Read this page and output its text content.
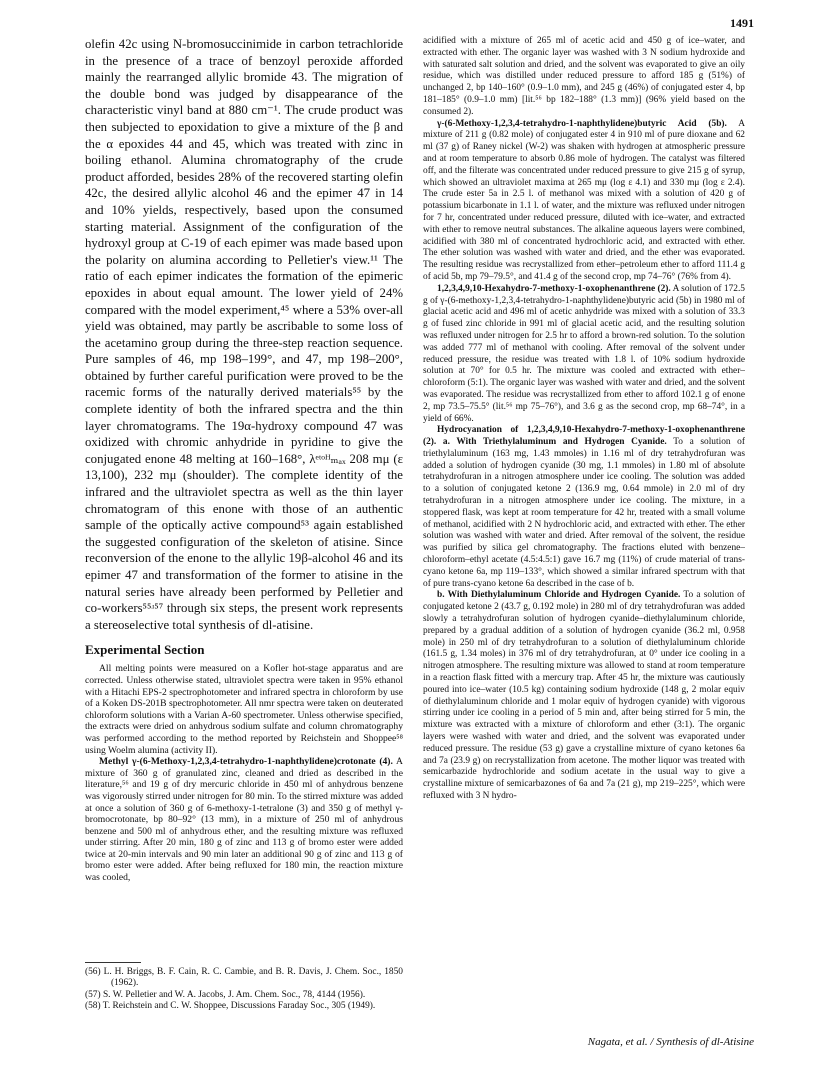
1491

olefin 42c using N-bromosuccinimide in carbon tetrachloride in the presence of a trace of benzoyl peroxide afforded mainly the rearranged allylic bromide 43. The migration of the double bond was judged by disappearance of the characteristic vinyl band at 880 cm⁻¹. The crude product was then subjected to epoxidation to give a mixture of the β and the α epoxides 44 and 45, which was treated with zinc in boiling ethanol. Alumina chromatography of the crude product afforded, besides 28% of the recovered starting olefin 42c, the desired allylic alcohol 46 and the epimer 47 in 14 and 10% yields, respectively, based upon the consumed starting material. Assignment of the configuration of the hydroxyl group at C-19 of each epimer was made based upon the polarity on alumina according to Pelletier's view.¹¹ The ratio of each epimer indicates the formation of the epimeric epoxides in about equal amount. The lower yield of 24% compared with the model experiment,⁴⁵ where a 53% over-all yield was obtained, may partly be ascribable to some loss of the acetamino group during the three-step reaction sequence. Pure samples of 46, mp 198–199°, and 47, mp 198–200°, obtained by further careful purification were proved to be the racemic forms of the naturally derived materials⁵⁵ by the complete identity of both the infrared spectra and the thin layer chromatograms. The 19α-hydroxy compound 47 was oxidized with chromic anhydride in pyridine to give the conjugated enone 48 melting at 160–168°, λᵉᵗᵒᴴₘₐₓ 208 mμ (ε 13,100), 232 mμ (shoulder). The complete identity of the infrared and the ultraviolet spectra as well as the thin layer chromatogram of this enone with those of an authentic sample of the optically active compound⁵³ again established the suggested configuration of the skeleton of atisine. Since reconversion of the enone to the allylic 19β-alcohol 46 and its epimer 47 and transformation of the former to atisine in the natural series have already been performed by Pelletier and co-workers⁵⁵ʴ⁵⁷ through six steps, the present work represents a stereoselective total synthesis of dl-atisine.

Experimental Section

All melting points were measured on a Kofler hot-stage apparatus and are corrected. Unless otherwise stated, ultraviolet spectra were taken in 95% ethanol with a Hitachi EPS-2 spectrophotometer and infrared spectra in chloroform by use of a Koken DS-201B spectrophotometer. All nmr spectra were taken on deuterated chloroform solutions with a Varian A-60 spectrometer. Unless otherwise specified, the extracts were dried on anhydrous sodium sulfate and column chromatography was performed according to the method reported by Reichstein and Shoppee⁵⁸ using Woelm alumina (activity II).

Methyl γ-(6-Methoxy-1,2,3,4-tetrahydro-1-naphthylidene)crotonate (4). A mixture of 360 g of granulated zinc, cleaned and dried as described in the literature,⁵⁶ and 19 g of dry mercuric chloride in 450 ml of anhydrous benzene was vigorously stirred under nitrogen for 80 min. To the stirred mixture was added at once a solution of 360 g of 6-methoxy-1-tetralone (3) and 350 g of methyl γ-bromocrotonate, bp 80–92° (13 mm), in a mixture of 250 ml of anhydrous benzene and 500 ml of anhydrous ether, and the resulting mixture was refluxed under stirring. After 20 min, 180 g of zinc and 113 g of bromo ester were added twice at 20-min intervals and 90 min later an additional 90 g of zinc and 113 g of bromo ester were added. After being refluxed for 180 min, the reaction mixture was cooled,

acidified with a mixture of 265 ml of acetic acid and 450 g of ice–water, and extracted with ether. The organic layer was washed with 3 N sodium hydroxide and with saturated salt solution and dried, and the solvent was evaporated to give an oily residue, which was distilled under reduced pressure to afford 185 g (51%) of unchanged 2, bp 140–160° (0.9–1.0 mm), and 245 g (46%) of conjugated ester 4, bp 181–185° (0.9–1.0 mm) [lit.⁵⁶ bp 182–188° (1.3 mm)] (96% yield based on the consumed 2).

γ-(6-Methoxy-1,2,3,4-tetrahydro-1-naphthylidene)butyric Acid (5b). A mixture of 211 g (0.82 mole) of conjugated ester 4 in 910 ml of pure dioxane and 62 ml (37 g) of Raney nickel (W-2) was shaken with hydrogen at atmospheric pressure and at room temperature to absorb 0.86 mole of hydrogen. The catalyst was filtered off, and the filterate was concentrated under reduced pressure to give 215 g of syrup, which showed an ultraviolet maxima at 265 mμ (log ε 4.1) and 330 mμ (log ε 2.4). The crude ester 5a in 2.5 l. of methanol was mixed with a solution of 420 g of potassium bicarbonate in 1.1 l. of water, and the mixture was refluxed under nitrogen for 7 hr, concentrated under reduced pressure, diluted with ice–water, and extracted with ether to remove neutral substances. The alkaline aqueous layers were combined, acidified with 380 ml of concentrated hydrochloric acid, and extracted with ether. The ether solution was washed with water and dried, and the ether was evaporated. The resulting residue was recrystallized from ether–petroleum ether to afford 111.4 g of acid 5b, mp 79–79.5°, and 41.4 g of the second crop, mp 74–76° (76% from 4).

1,2,3,4,9,10-Hexahydro-7-methoxy-1-oxophenanthrene (2). A solution of 172.5 g of γ-(6-methoxy-1,2,3,4-tetrahydro-1-naphthylidene)butyric acid (5b) in 1980 ml of glacial acetic acid and 496 ml of acetic anhydride was mixed with a solution of 33.3 g of fused zinc chloride in 991 ml of glacial acetic acid, and the resulting solution was refluxed under nitrogen for 2.5 hr to afford a brown-red solution. To the solution was added 777 ml of methanol with cooling. After removal of the solvent under reduced pressure, the residue was treated with 1.8 l. of 10% sodium hydroxide solution at 70° for 0.5 hr. The mixture was cooled and extracted with ether–chloroform (5:1). The organic layer was washed with water and dried, and the solvent was evaporated. The residue was recrystallized from ether to afford 102.1 g of enone 2, mp 73.5–75.5° (lit.⁵⁶ mp 75–76°), and 3.6 g as the second crop, mp 68–74°, in a yield of 66%.

Hydrocyanation of 1,2,3,4,9,10-Hexahydro-7-methoxy-1-oxophenanthrene (2). a. With Triethylaluminum and Hydrogen Cyanide. To a solution of triethylaluminum (163 mg, 1.43 mmoles) in 1.16 ml of dry tetrahydrofuran was added a solution of hydrogen cyanide (30 mg, 1.1 mmoles) in 1.80 ml of absolute tetrahydrofuran in a nitrogen atmosphere under ice cooling. The solution was added to a solution of conjugated ketone 2 (136.9 mg, 0.64 mmole) in 2.0 ml of dry tetrahydrofuran in a nitrogen atmosphere under ice cooling. The mixture, in a stoppered flask, was kept at room temperature for 42 hr, treated with a small volume of methanol, acidified with 2 N hydrochloric acid, and extracted with ether. The ether solution was washed with water and dried. After removal of the solvent, the residue was purified by silica gel chromatography. The fractions eluted with benzene–chloroform–ethyl acetate (4.5:4.5:1) gave 16.7 mg (11%) of crude material of trans-cyano ketone 6a, mp 119–133°, which showed a similar infrared spectrum with that of pure trans-cyano ketone 6a described in the case of b.

b. With Diethylaluminum Chloride and Hydrogen Cyanide. To a solution of conjugated ketone 2 (43.7 g, 0.192 mole) in 280 ml of dry tetrahydrofuran was added slowly a tetrahydrofuran solution of hydrogen cyanide–diethylaluminum chloride, prepared by a gradual addition of a solution of hydrogen cyanide (36.2 ml, 0.958 mole) in 250 ml of dry tetrahydrofuran to a solution of diethylaluminum chloride (161.5 g, 1.34 moles) in 376 ml of dry tetrahydrofuran, at 0° under ice cooling in a nitrogen atmosphere. The resulting mixture was allowed to stand at room temperature in a reaction flask fitted with a mercury trap. After 45 hr, the mixture was cautiously poured into ice–water (10.5 kg) containing sodium hydroxide (148 g, 2 molar equiv of diethylaluminum chloride and 1 molar equiv of hydrogen cyanide) with vigorous stirring under ice cooling in a period of 5 min and, after being stirred for 5 min, the mixture was extracted with a mixture of chloroform and ether (3:1). The organic layers were washed with water and dried, and the solvent was evaporated under reduced pressure. The residue (53 g) gave a crystalline mixture of cyano ketones 6a and 7a (23.9 g) on recrystallization from acetone. The mother liquor was treated with semicarbazide hydrochloride and sodium acetate in the usual way to give a crystalline mixture of semicarbazones of 6a and 7a (21 g), mp 219–225°, which were refluxed with 3 N hydro-

(56) L. H. Briggs, B. F. Cain, R. C. Cambie, and B. R. Davis, J. Chem. Soc., 1850 (1962).

(57) S. W. Pelletier and W. A. Jacobs, J. Am. Chem. Soc., 78, 4144 (1956).

(58) T. Reichstein and C. W. Shoppee, Discussions Faraday Soc., 305 (1949).

Nagata, et al. / Synthesis of dl-Atisine
